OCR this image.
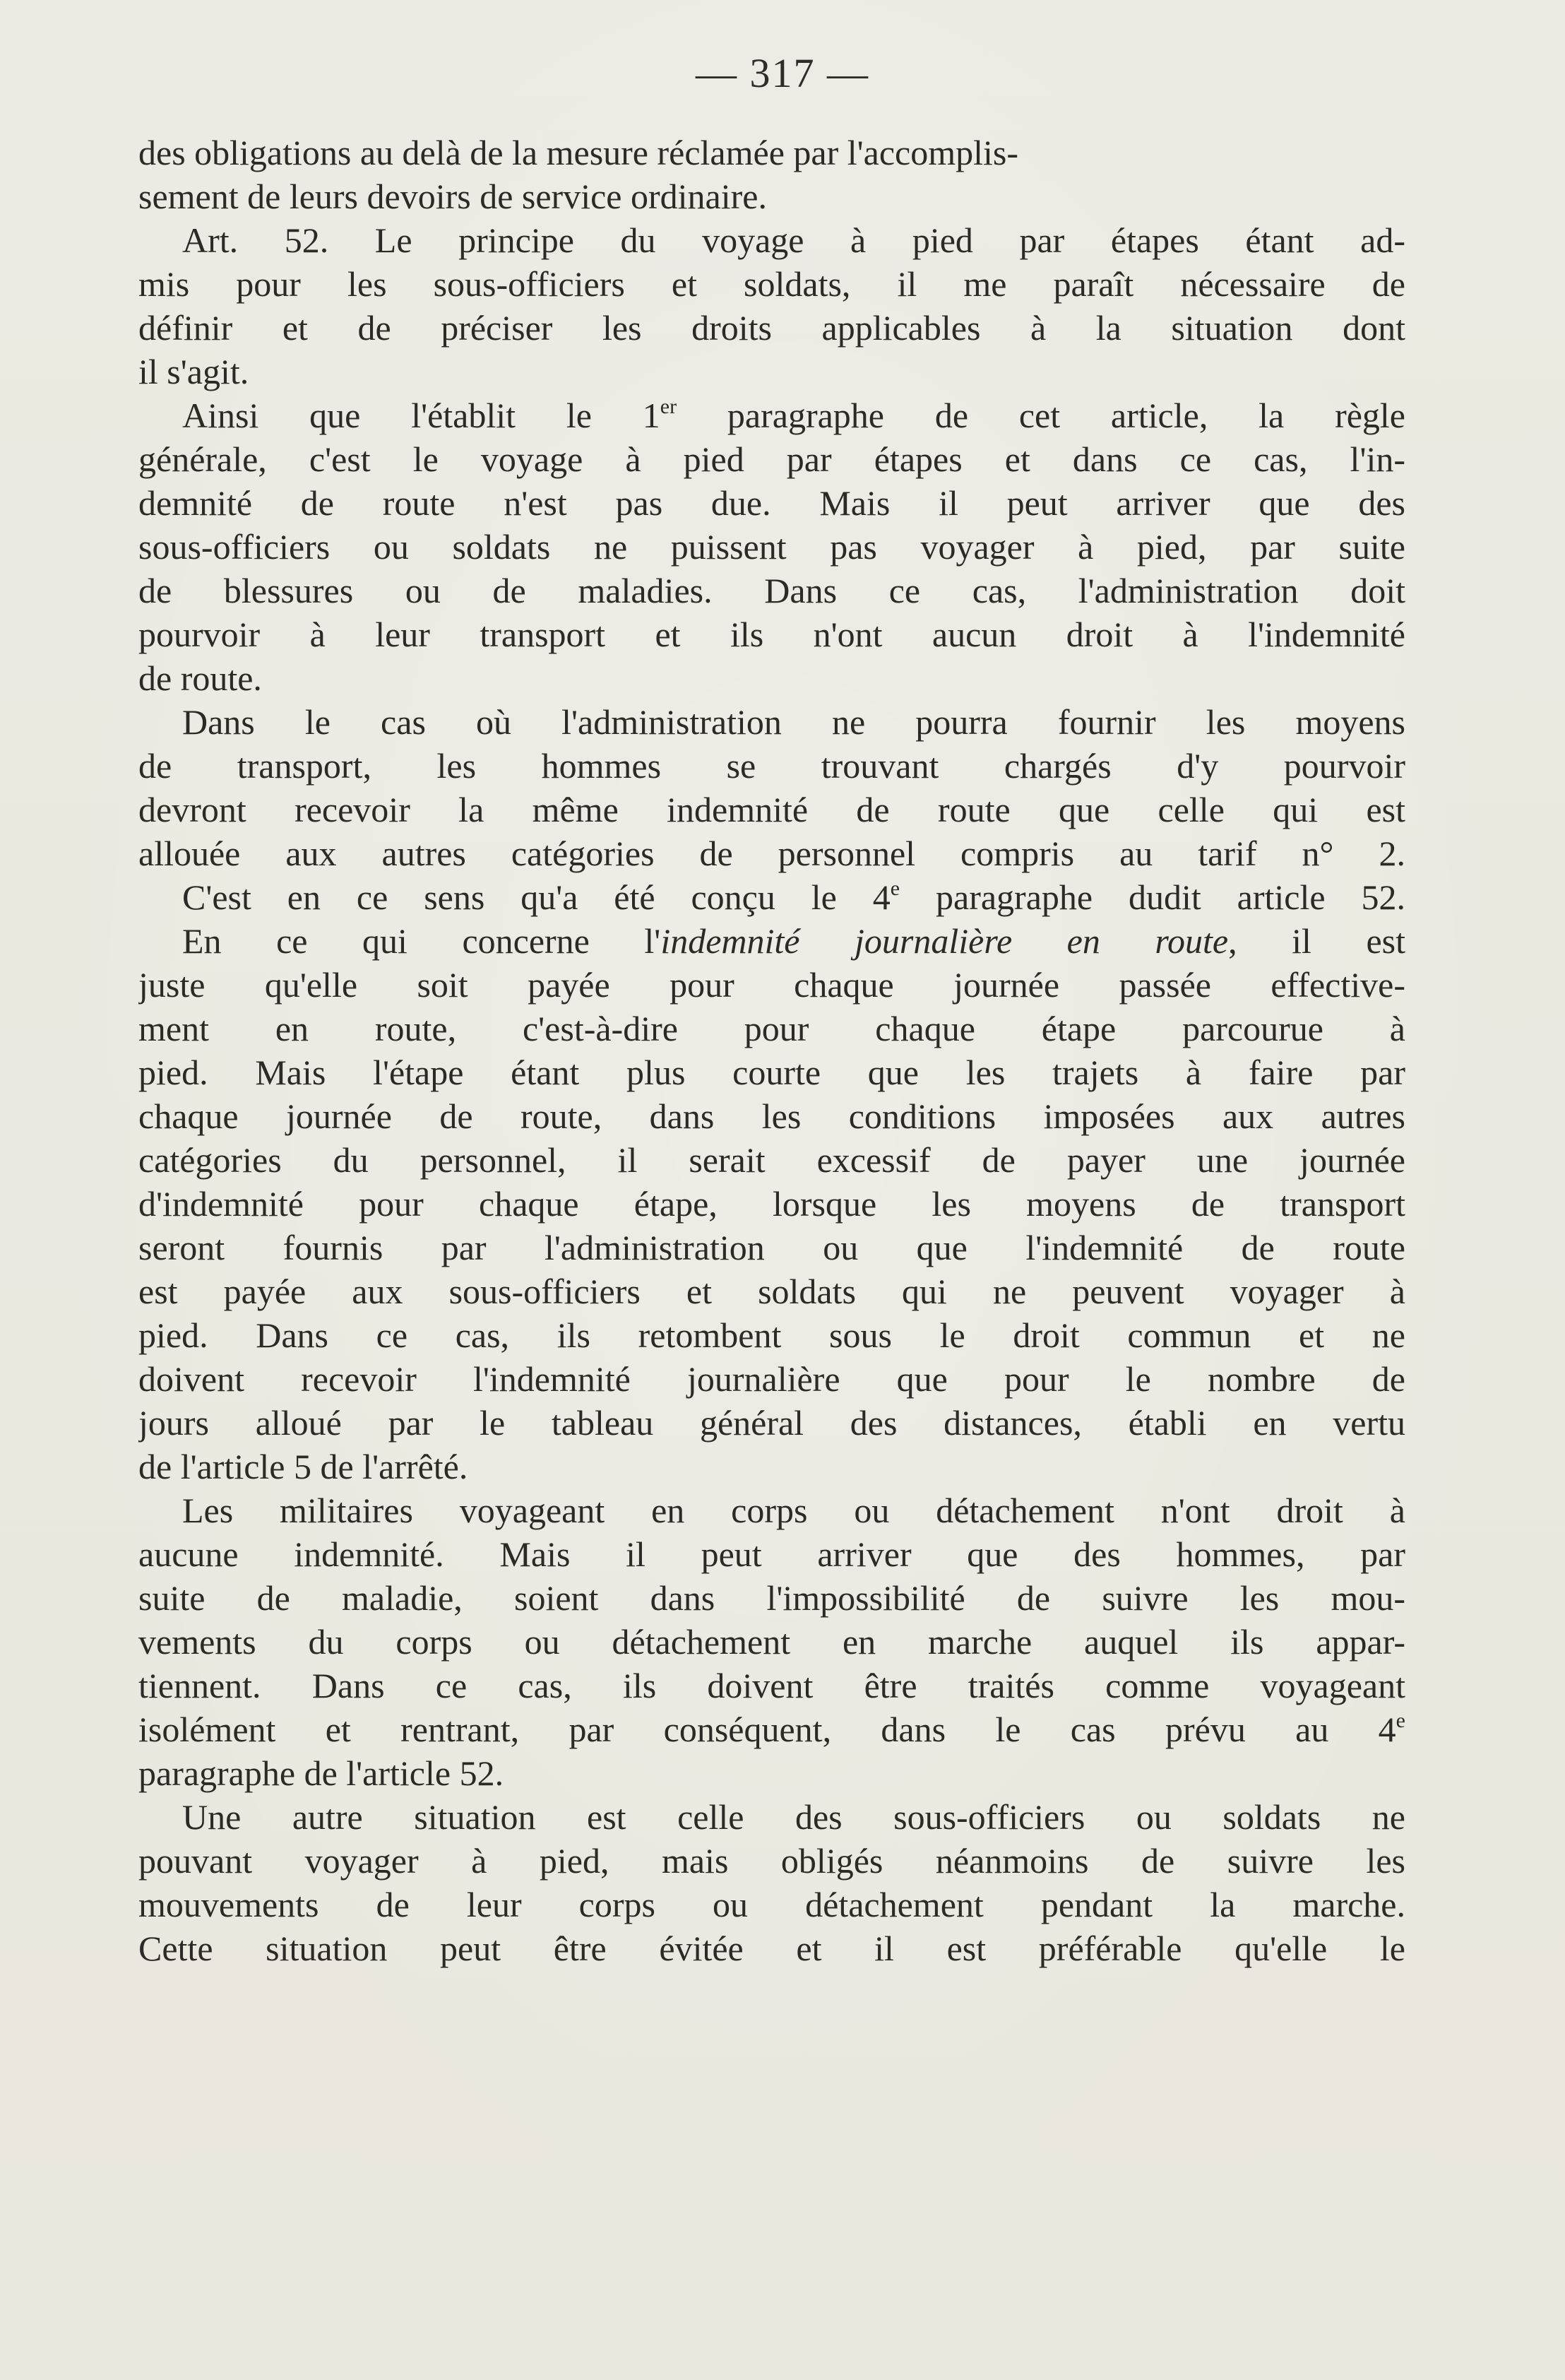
— 317 —
des obligations au delà de la mesure réclamée par l'accomplis-
sement de leurs devoirs de service ordinaire.
Art. 52. Le principe du voyage à pied par étapes étant ad-
mis pour les sous-officiers et soldats, il me paraît nécessaire de
définir et de préciser les droits applicables à la situation dont
il s'agit.
Ainsi que l'établit le 1er paragraphe de cet article, la règle
générale, c'est le voyage à pied par étapes et dans ce cas, l'in-
demnité de route n'est pas due. Mais il peut arriver que des
sous-officiers ou soldats ne puissent pas voyager à pied, par suite
de blessures ou de maladies. Dans ce cas, l'administration doit
pourvoir à leur transport et ils n'ont aucun droit à l'indemnité
de route.
Dans le cas où l'administration ne pourra fournir les moyens
de transport, les hommes se trouvant chargés d'y pourvoir
devront recevoir la même indemnité de route que celle qui est
allouée aux autres catégories de personnel compris au tarif n° 2.
C'est en ce sens qu'a été conçu le 4e paragraphe dudit article 52.
En ce qui concerne l'indemnité journalière en route, il est
juste qu'elle soit payée pour chaque journée passée effective-
ment en route, c'est-à-dire pour chaque étape parcourue à
pied. Mais l'étape étant plus courte que les trajets à faire par
chaque journée de route, dans les conditions imposées aux autres
catégories du personnel, il serait excessif de payer une journée
d'indemnité pour chaque étape, lorsque les moyens de transport
seront fournis par l'administration ou que l'indemnité de route
est payée aux sous-officiers et soldats qui ne peuvent voyager à
pied. Dans ce cas, ils retombent sous le droit commun et ne
doivent recevoir l'indemnité journalière que pour le nombre de
jours alloué par le tableau général des distances, établi en vertu
de l'article 5 de l'arrêté.
Les militaires voyageant en corps ou détachement n'ont droit à
aucune indemnité. Mais il peut arriver que des hommes, par
suite de maladie, soient dans l'impossibilité de suivre les mou-
vements du corps ou détachement en marche auquel ils appar-
tiennent. Dans ce cas, ils doivent être traités comme voyageant
isolément et rentrant, par conséquent, dans le cas prévu au 4e
paragraphe de l'article 52.
Une autre situation est celle des sous-officiers ou soldats ne
pouvant voyager à pied, mais obligés néanmoins de suivre les
mouvements de leur corps ou détachement pendant la marche.
Cette situation peut être évitée et il est préférable qu'elle le
